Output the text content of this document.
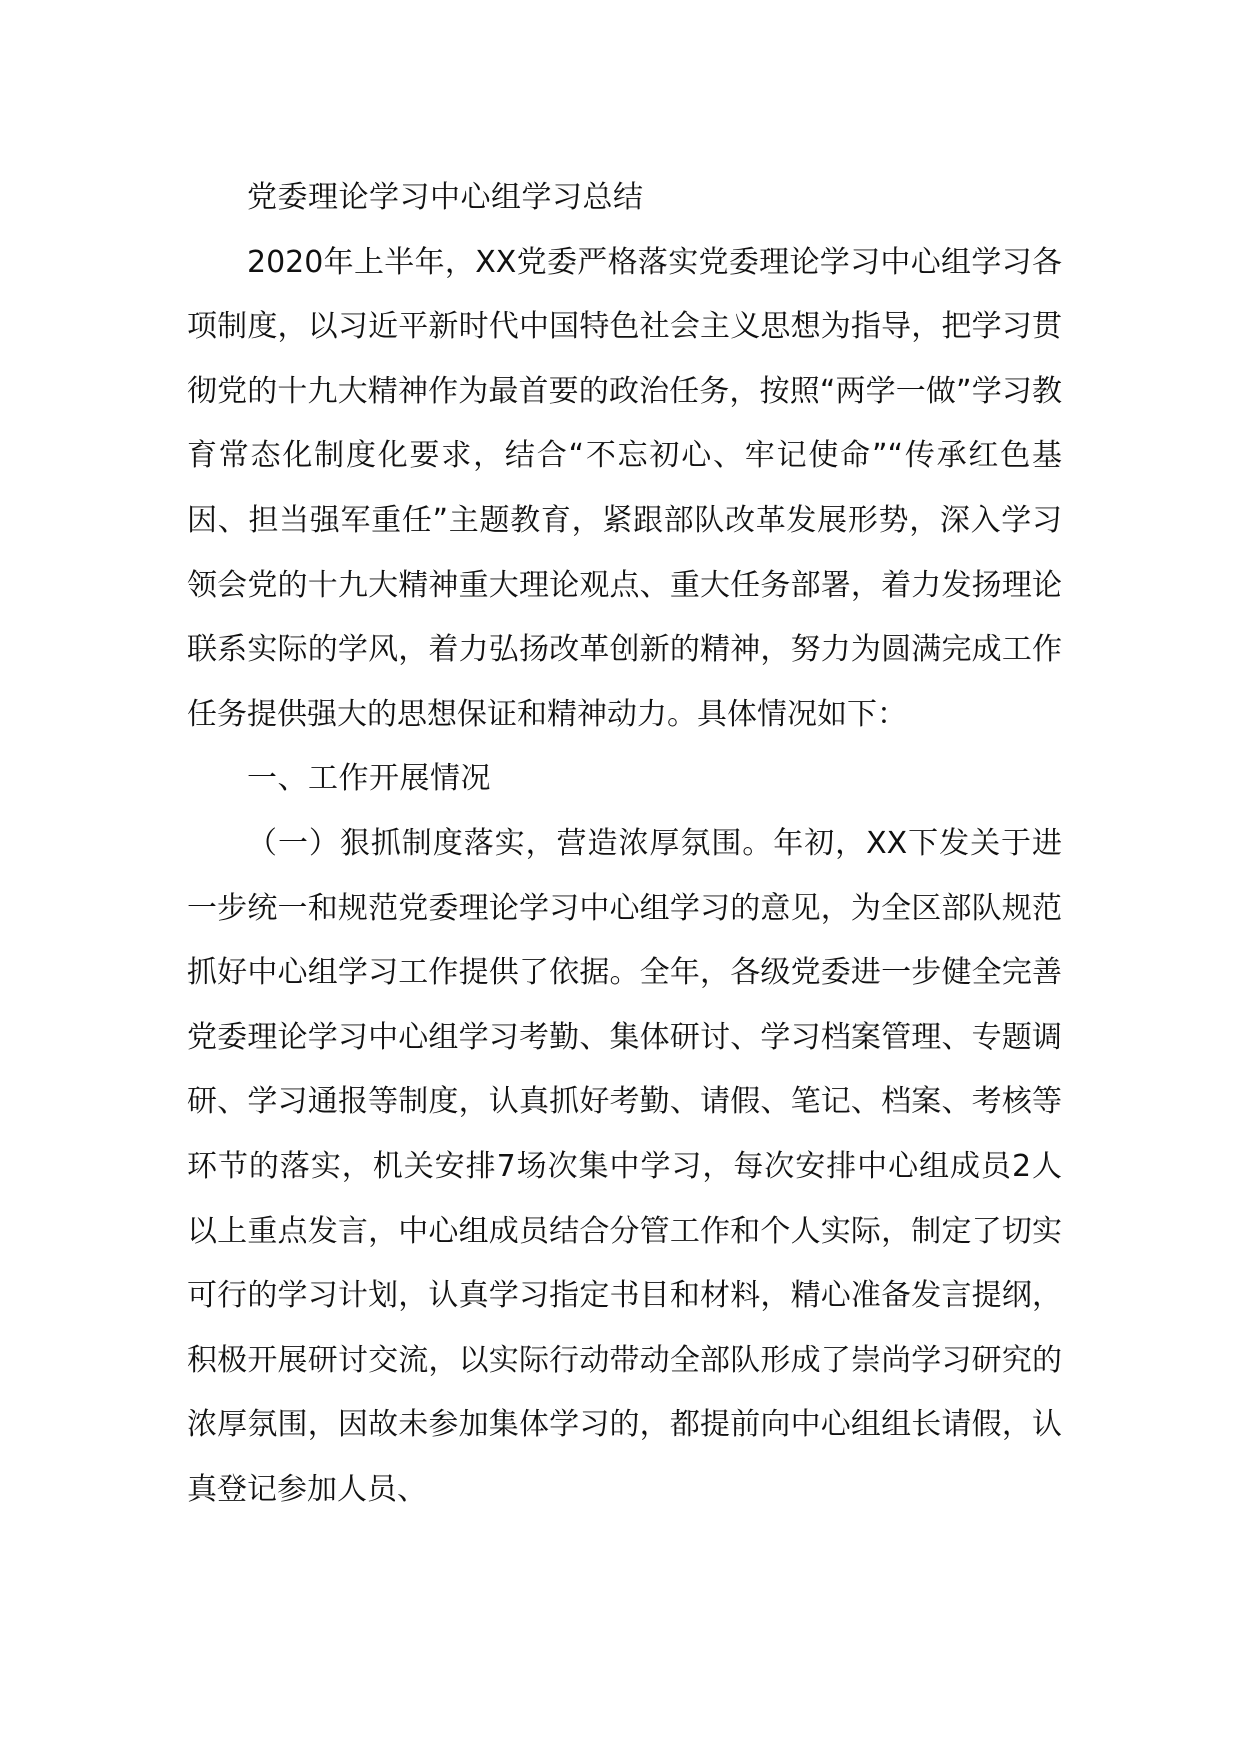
党委理论学习中心组学习总结

2020年上半年，XX党委严格落实党委理论学习中心组学习各项制度，以习近平新时代中国特色社会主义思想为指导，把学习贯彻党的十九大精神作为最首要的政治任务，按照“两学一做”学习教育常态化制度化要求，结合“不忘初心、牢记使命”“传承红色基因、担当强军重任”主题教育，紧跟部队改革发展形势，深入学习领会党的十九大精神重大理论观点、重大任务部署，着力发扬理论联系实际的学风，着力弘扬改革创新的精神，努力为圆满完成工作任务提供强大的思想保证和精神动力。具体情况如下：

一、工作开展情况

（一）狠抓制度落实，营造浓厚氛围。年初，XX下发关于进一步统一和规范党委理论学习中心组学习的意见，为全区部队规范抓好中心组学习工作提供了依据。全年，各级党委进一步健全完善党委理论学习中心组学习考勤、集体研讨、学习档案管理、专题调研、学习通报等制度，认真抓好考勤、请假、笔记、档案、考核等环节的落实，机关安排7场次集中学习，每次安排中心组成员2人以上重点发言，中心组成员结合分管工作和个人实际，制定了切实可行的学习计划，认真学习指定书目和材料，精心准备发言提纲，积极开展研讨交流，以实际行动带动全部队形成了崇尚学习研究的浓厚氛围，因故未参加集体学习的，都提前向中心组组长请假，认真登记参加人员、
